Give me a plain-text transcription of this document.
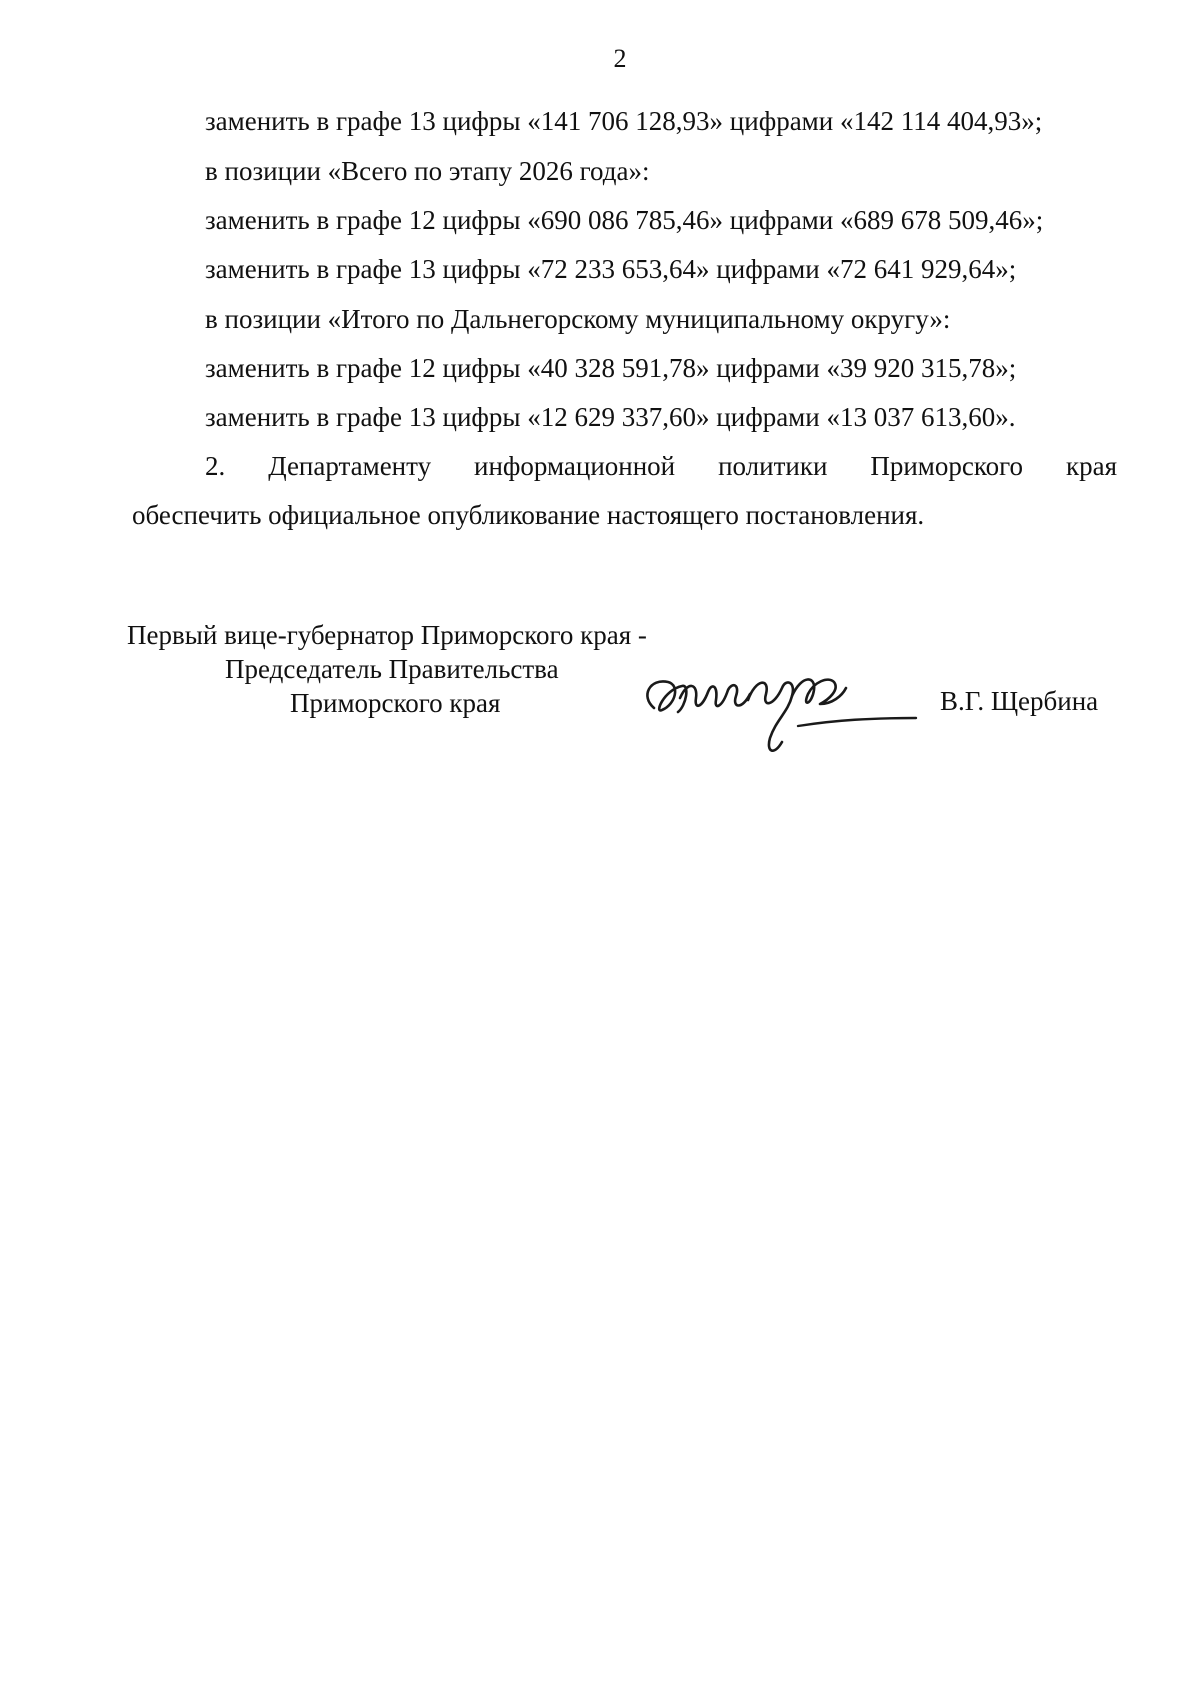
2
заменить в графе 13 цифры «141 706 128,93» цифрами «142 114 404,93»;
в позиции «Всего по этапу 2026 года»:
заменить в графе 12 цифры «690 086 785,46» цифрами «689 678 509,46»;
заменить в графе 13 цифры «72 233 653,64» цифрами «72 641 929,64»;
в позиции «Итого по Дальнегорскому муниципальному округу»:
заменить в графе 12 цифры «40 328 591,78» цифрами «39 920 315,78»;
заменить в графе 13 цифры «12 629 337,60» цифрами «13 037 613,60».
2. Департаменту информационной политики Приморского края
обеспечить официальное опубликование настоящего постановления.
Первый вице-губернатор Приморского края -
Председатель Правительства
Приморского края	В.Г. Щербина
